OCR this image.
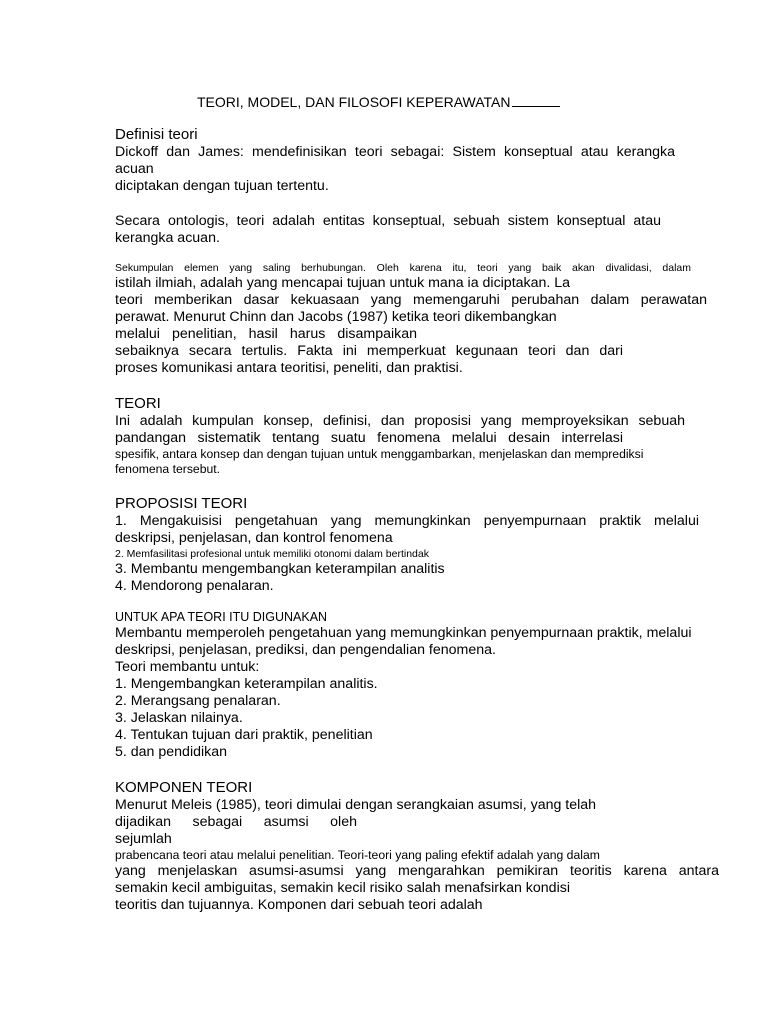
TEORI, MODEL, DAN FILOSOFI KEPERAWATAN

Definisi teori

Dickoff dan James: mendefinisikan teori sebagai: Sistem konseptual atau kerangka acuan

diciptakan dengan tujuan tertentu.

Secara ontologis, teori adalah entitas konseptual, sebuah sistem konseptual atau

kerangka acuan.

Sekumpulan elemen yang saling berhubungan. Oleh karena itu, teori yang baik akan divalidasi, dalam

istilah ilmiah, adalah yang mencapai tujuan untuk mana ia diciptakan. La

teori memberikan dasar kekuasaan yang memengaruhi perubahan dalam perawatan

perawat. Menurut Chinn dan Jacobs (1987) ketika teori dikembangkan

melalui penelitian, hasil harus disampaikan

sebaiknya secara tertulis. Fakta ini memperkuat kegunaan teori dan dari

proses komunikasi antara teoritisi, peneliti, dan praktisi.

TEORI

Ini adalah kumpulan konsep, definisi, dan proposisi yang memproyeksikan sebuah

pandangan sistematik tentang suatu fenomena melalui desain interrelasi

spesifik, antara konsep dan dengan tujuan untuk menggambarkan, menjelaskan dan memprediksi

fenomena tersebut.

PROPOSISI TEORI

1. Mengakuisisi pengetahuan yang memungkinkan penyempurnaan praktik melalui

deskripsi, penjelasan, dan kontrol fenomena

2. Memfasilitasi profesional untuk memiliki otonomi dalam bertindak

3. Membantu mengembangkan keterampilan analitis

4. Mendorong penalaran.

UNTUK APA TEORI ITU DIGUNAKAN

Membantu memperoleh pengetahuan yang memungkinkan penyempurnaan praktik, melalui

deskripsi, penjelasan, prediksi, dan pengendalian fenomena.

Teori membantu untuk:

1. Mengembangkan keterampilan analitis.

2. Merangsang penalaran.

3. Jelaskan nilainya.

4. Tentukan tujuan dari praktik, penelitian

5. dan pendidikan

KOMPONEN TEORI

Menurut Meleis (1985), teori dimulai dengan serangkaian asumsi, yang telah

dijadikan sebagai asumsi oleh sejumlah

prabencana teori atau melalui penelitian. Teori-teori yang paling efektif adalah yang dalam

yang menjelaskan asumsi-asumsi yang mengarahkan pemikiran teoritis karena antara

semakin kecil ambiguitas, semakin kecil risiko salah menafsirkan kondisi

teoritis dan tujuannya. Komponen dari sebuah teori adalah
